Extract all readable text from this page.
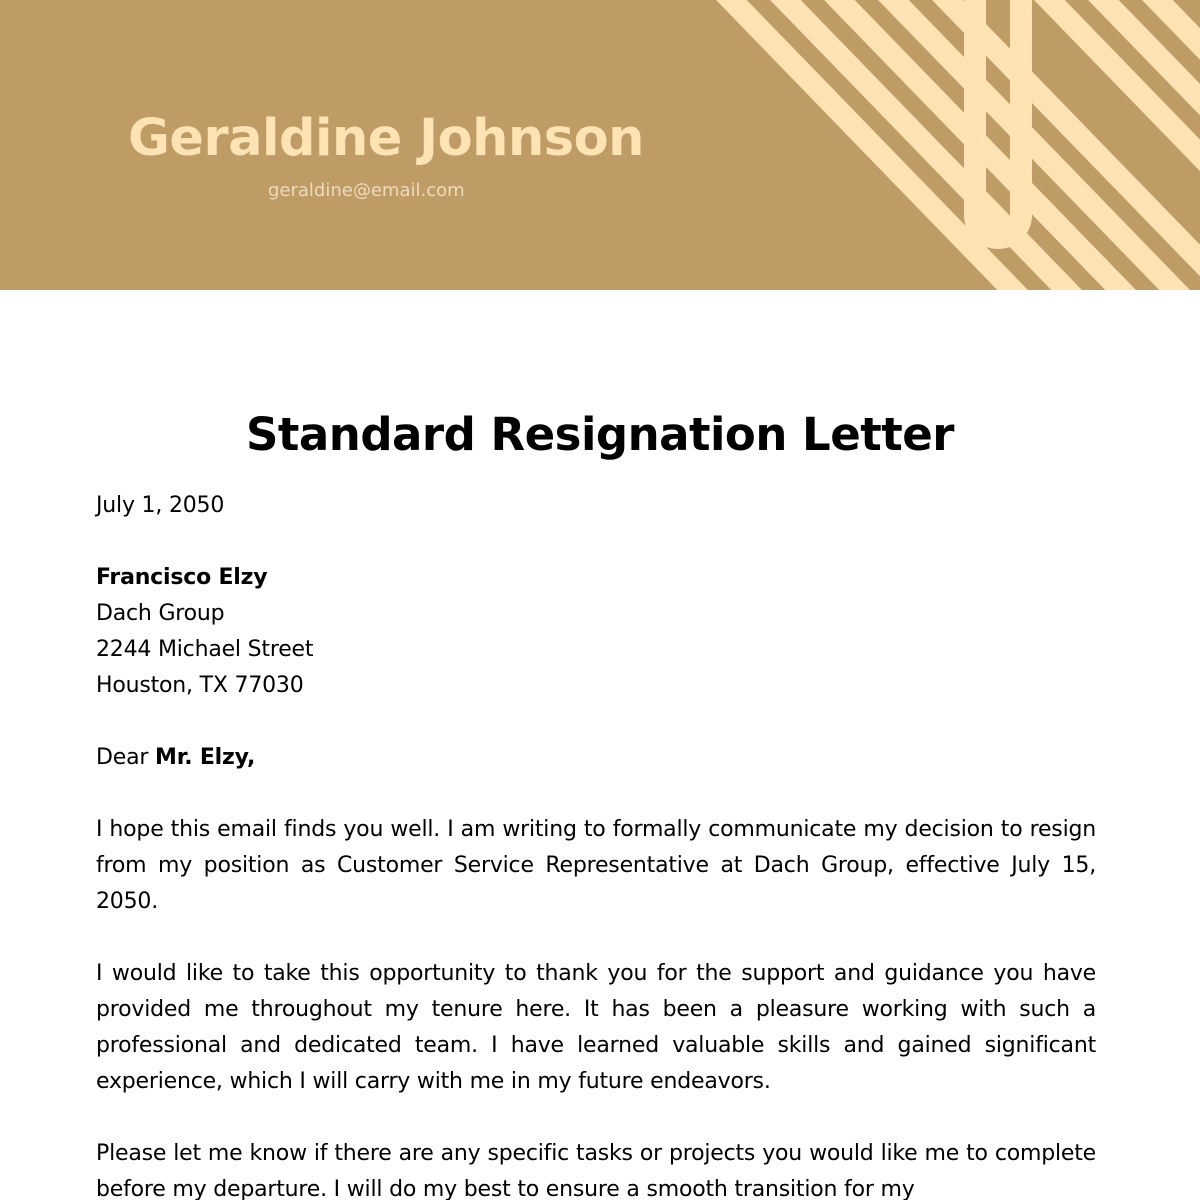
Geraldine Johnson
geraldine@email.com
Standard Resignation Letter

July 1, 2050

Francisco Elzy
Dach Group
2244 Michael Street
Houston, TX 77030

Dear Mr. Elzy,

I hope this email finds you well. I am writing to formally communicate my decision to resign from my position as Customer Service Representative at Dach Group, effective July 15, 2050.

I would like to take this opportunity to thank you for the support and guidance you have provided me throughout my tenure here. It has been a pleasure working with such a professional and dedicated team. I have learned valuable skills and gained significant experience, which I will carry with me in my future endeavors.

Please let me know if there are any specific tasks or projects you would like me to complete before my departure. I will do my best to ensure a smooth transition for my
